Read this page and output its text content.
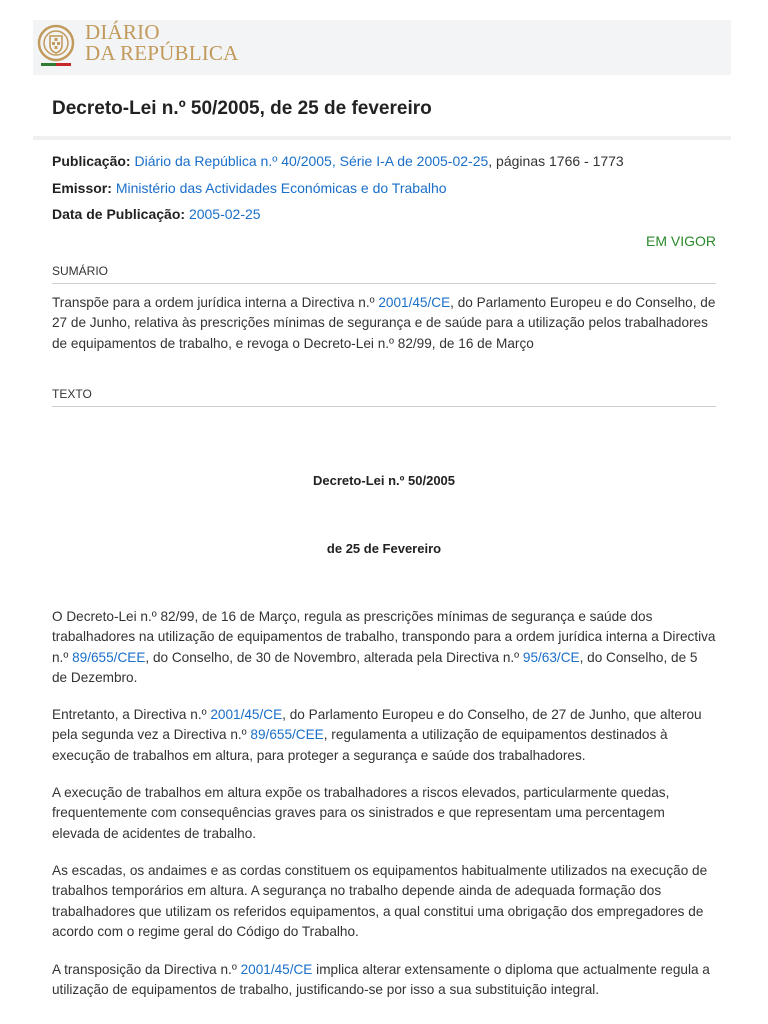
DIÁRIO
DA REPÚBLICA
Decreto-Lei n.º 50/2005, de 25 de fevereiro
Publicação: Diário da República n.º 40/2005, Série I-A de 2005-02-25, páginas 1766 - 1773
Emissor: Ministério das Actividades Económicas e do Trabalho
Data de Publicação: 2005-02-25
EM VIGOR
SUMÁRIO

Transpõe para a ordem jurídica interna a Directiva n.º 2001/45/CE, do Parlamento Europeu e do Conselho, de 27 de Junho, relativa às prescrições mínimas de segurança e de saúde para a utilização pelos trabalhadores de equipamentos de trabalho, e revoga o Decreto-Lei n.º 82/99, de 16 de Março

TEXTO
Decreto-Lei n.º 50/2005
de 25 de Fevereiro

O Decreto-Lei n.º 82/99, de 16 de Março, regula as prescrições mínimas de segurança e saúde dos trabalhadores na utilização de equipamentos de trabalho, transpondo para a ordem jurídica interna a Directiva n.º 89/655/CEE, do Conselho, de 30 de Novembro, alterada pela Directiva n.º 95/63/CE, do Conselho, de 5 de Dezembro.

Entretanto, a Directiva n.º 2001/45/CE, do Parlamento Europeu e do Conselho, de 27 de Junho, que alterou pela segunda vez a Directiva n.º 89/655/CEE, regulamenta a utilização de equipamentos destinados à execução de trabalhos em altura, para proteger a segurança e saúde dos trabalhadores.

A execução de trabalhos em altura expõe os trabalhadores a riscos elevados, particularmente quedas, frequentemente com consequências graves para os sinistrados e que representam uma percentagem elevada de acidentes de trabalho.

As escadas, os andaimes e as cordas constituem os equipamentos habitualmente utilizados na execução de trabalhos temporários em altura. A segurança no trabalho depende ainda de adequada formação dos trabalhadores que utilizam os referidos equipamentos, a qual constitui uma obrigação dos empregadores de acordo com o regime geral do Código do Trabalho.

A transposição da Directiva n.º 2001/45/CE implica alterar extensamente o diploma que actualmente regula a utilização de equipamentos de trabalho, justificando-se por isso a sua substituição integral.
